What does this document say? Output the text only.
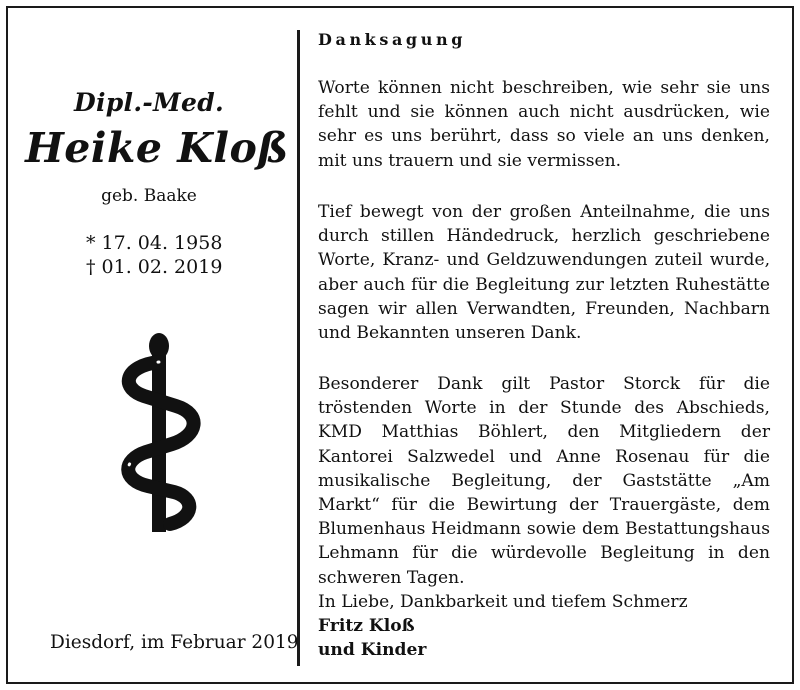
Dipl.-Med.
Heike Kloß
geb. Baake
* 17. 04. 1958
† 01. 02. 2019
Diesdorf, im Februar 2019
Danksagung

Worte können nicht beschreiben, wie sehr sie uns fehlt und sie können auch nicht ausdrücken, wie sehr es uns berührt, dass so viele an uns denken, mit uns trauern und sie vermissen.

Tief bewegt von der großen Anteilnahme, die uns durch stillen Händedruck, herzlich geschriebene Worte, Kranz- und Geldzuwendungen zuteil wurde, aber auch für die Begleitung zur letzten Ruhestätte sagen wir allen Verwandten, Freunden, Nachbarn und Bekannten unseren Dank.

Besonderer Dank gilt Pastor Storck für die tröstenden Worte in der Stunde des Abschieds, KMD Matthias Böhlert, den Mitgliedern der Kantorei Salzwedel und Anne Rosenau für die musikalische Begleitung, der Gaststätte „Am Markt“ für die Bewirtung der Trauergäste, dem Blumenhaus Heidmann sowie dem Bestattungshaus Lehmann für die würdevolle Begleitung in den schweren Tagen.

In Liebe, Dankbarkeit und tiefem Schmerz
Fritz Kloß
und Kinder
